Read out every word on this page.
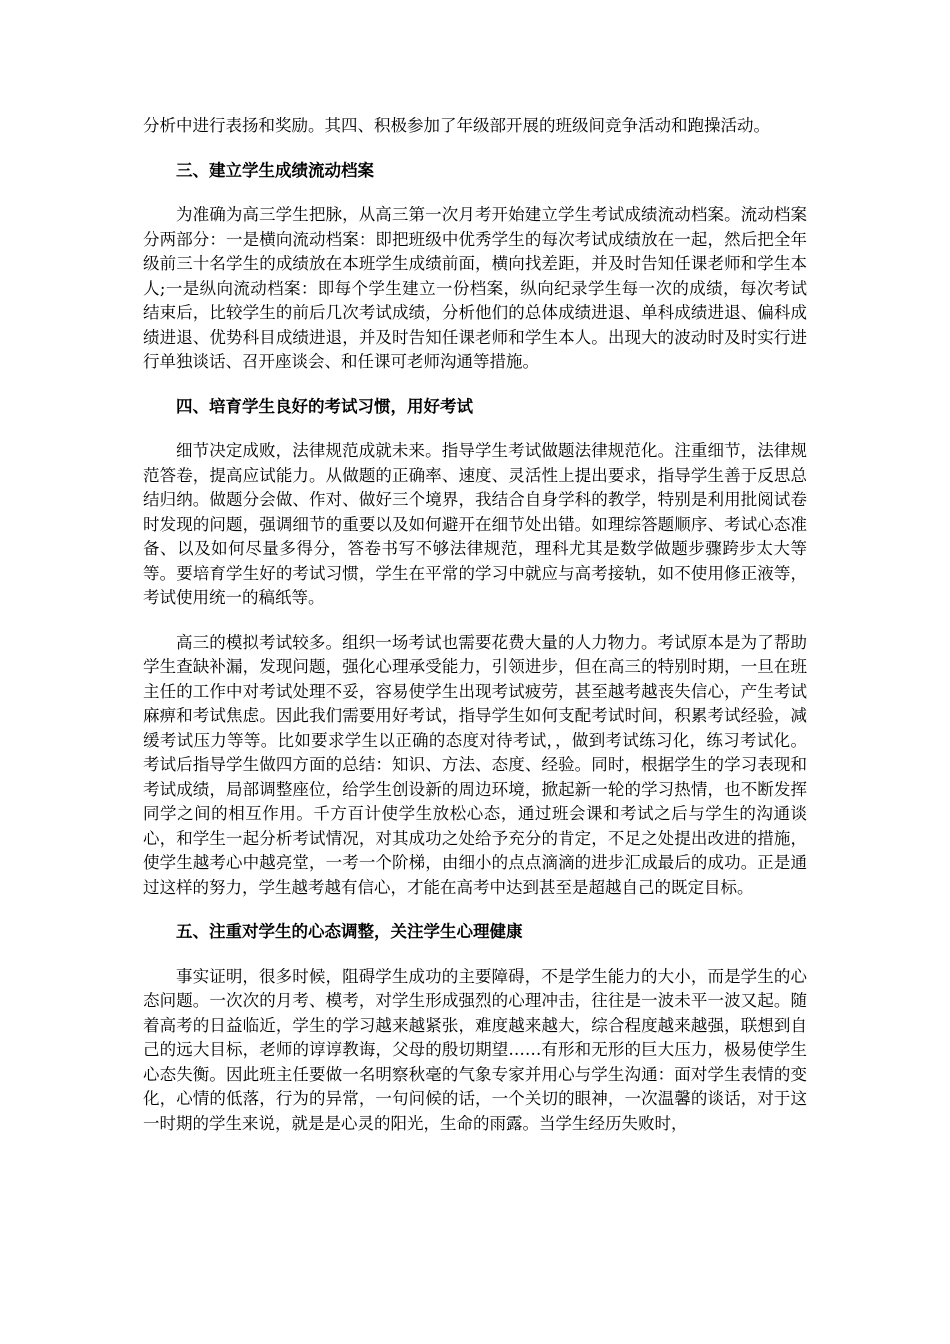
分析中进行表扬和奖励。其四、积极参加了年级部开展的班级间竞争活动和跑操活动。

三、建立学生成绩流动档案

为准确为高三学生把脉，从高三第一次月考开始建立学生考试成绩流动档案。流动档案分两部分：一是横向流动档案：即把班级中优秀学生的每次考试成绩放在一起，然后把全年级前三十名学生的成绩放在本班学生成绩前面，横向找差距，并及时告知任课老师和学生本人;一是纵向流动档案：即每个学生建立一份档案，纵向纪录学生每一次的成绩，每次考试结束后，比较学生的前后几次考试成绩，分析他们的总体成绩进退、单科成绩进退、偏科成绩进退、优势科目成绩进退，并及时告知任课老师和学生本人。出现大的波动时及时实行进行单独谈话、召开座谈会、和任课可老师沟通等措施。

四、培育学生良好的考试习惯，用好考试

细节决定成败，法律规范成就未来。指导学生考试做题法律规范化。注重细节，法律规范答卷，提高应试能力。从做题的正确率、速度、灵活性上提出要求，指导学生善于反思总结归纳。做题分会做、作对、做好三个境界，我结合自身学科的教学，特别是利用批阅试卷时发现的问题，强调细节的重要以及如何避开在细节处出错。如理综答题顺序、考试心态准备、以及如何尽量多得分，答卷书写不够法律规范，理科尤其是数学做题步骤跨步太大等等。要培育学生好的考试习惯，学生在平常的学习中就应与高考接轨，如不使用修正液等，考试使用统一的稿纸等。

高三的模拟考试较多。组织一场考试也需要花费大量的人力物力。考试原本是为了帮助学生查缺补漏，发现问题，强化心理承受能力，引领进步，但在高三的特别时期，一旦在班主任的工作中对考试处理不妥，容易使学生出现考试疲劳，甚至越考越丧失信心，产生考试麻痹和考试焦虑。因此我们需要用好考试，指导学生如何支配考试时间，积累考试经验，减缓考试压力等等。比如要求学生以正确的态度对待考试，，做到考试练习化，练习考试化。考试后指导学生做四方面的总结：知识、方法、态度、经验。同时，根据学生的学习表现和考试成绩，局部调整座位，给学生创设新的周边环境，掀起新一轮的学习热情，也不断发挥同学之间的相互作用。千方百计使学生放松心态，通过班会课和考试之后与学生的沟通谈心，和学生一起分析考试情况，对其成功之处给予充分的肯定，不足之处提出改进的措施，使学生越考心中越亮堂，一考一个阶梯，由细小的点点滴滴的进步汇成最后的成功。正是通过这样的努力，学生越考越有信心，才能在高考中达到甚至是超越自己的既定目标。

五、注重对学生的心态调整，关注学生心理健康

事实证明，很多时候，阻碍学生成功的主要障碍，不是学生能力的大小，而是学生的心态问题。一次次的月考、模考，对学生形成强烈的心理冲击，往往是一波未平一波又起。随着高考的日益临近，学生的学习越来越紧张，难度越来越大，综合程度越来越强，联想到自己的远大目标，老师的谆谆教诲，父母的殷切期望……有形和无形的巨大压力，极易使学生心态失衡。因此班主任要做一名明察秋毫的气象专家并用心与学生沟通：面对学生表情的变化，心情的低落，行为的异常，一句问候的话，一个关切的眼神，一次温馨的谈话，对于这一时期的学生来说，就是是心灵的阳光，生命的雨露。当学生经历失败时，
